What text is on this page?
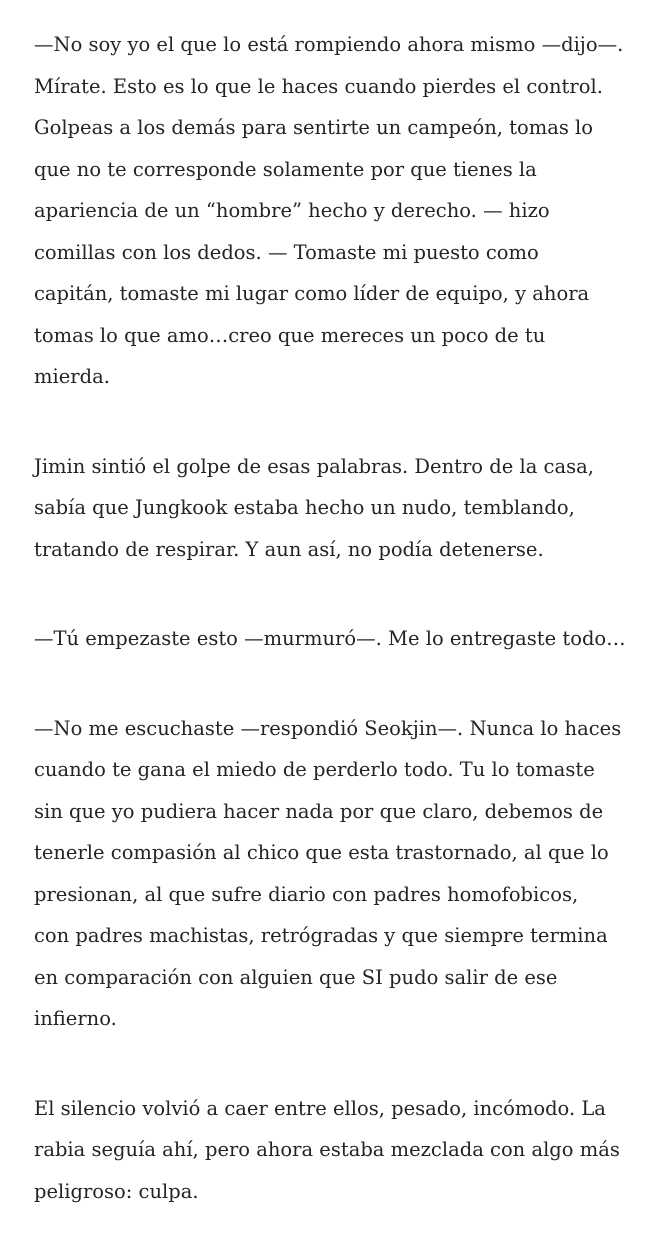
—No soy yo el que lo está rompiendo ahora mismo —dijo—.
Mírate. Esto es lo que le haces cuando pierdes el control.
Golpeas a los demás para sentirte un campeón, tomas lo
que no te corresponde solamente por que tienes la
apariencia de un “hombre” hecho y derecho. — hizo
comillas con los dedos. — Tomaste mi puesto como
capitán, tomaste mi lugar como líder de equipo, y ahora
tomas lo que amo…creo que mereces un poco de tu
mierda.

Jimin sintió el golpe de esas palabras. Dentro de la casa,
sabía que Jungkook estaba hecho un nudo, temblando,
tratando de respirar. Y aun así, no podía detenerse.

—Tú empezaste esto —murmuró—. Me lo entregaste todo…

—No me escuchaste —respondió Seokjin—. Nunca lo haces
cuando te gana el miedo de perderlo todo. Tu lo tomaste
sin que yo pudiera hacer nada por que claro, debemos de
tenerle compasión al chico que esta trastornado, al que lo
presionan, al que sufre diario con padres homofobicos,
con padres machistas, retrógradas y que siempre termina
en comparación con alguien que SI pudo salir de ese
infierno.

El silencio volvió a caer entre ellos, pesado, incómodo. La
rabia seguía ahí, pero ahora estaba mezclada con algo más
peligroso: culpa.
